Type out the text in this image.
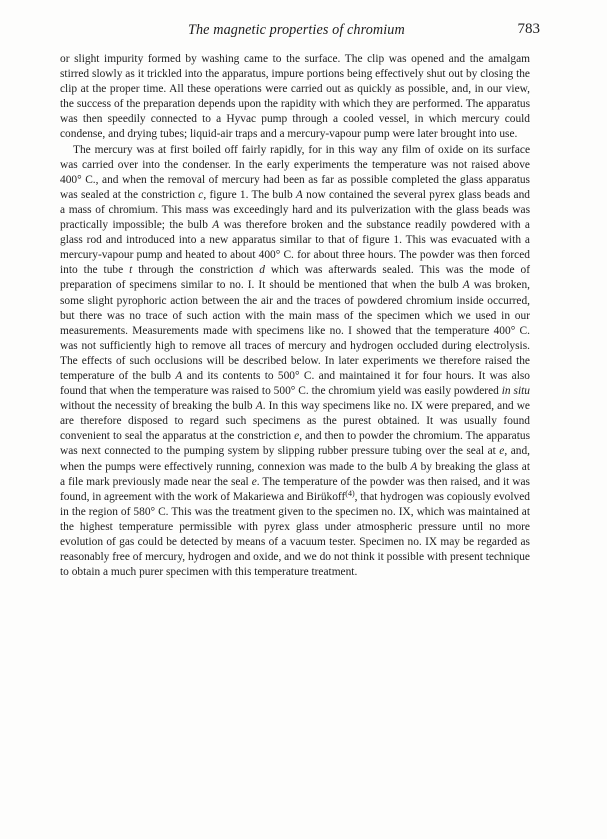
The magnetic properties of chromium	783

or slight impurity formed by washing came to the surface. The clip was opened and the amalgam stirred slowly as it trickled into the apparatus, impure portions being effectively shut out by closing the clip at the proper time. All these operations were carried out as quickly as possible, and, in our view, the success of the preparation depends upon the rapidity with which they are performed. The apparatus was then speedily connected to a Hyvac pump through a cooled vessel, in which mercury could condense, and drying tubes; liquid-air traps and a mercury-vapour pump were later brought into use.

The mercury was at first boiled off fairly rapidly, for in this way any film of oxide on its surface was carried over into the condenser. In the early experiments the temperature was not raised above 400° C., and when the removal of mercury had been as far as possible completed the glass apparatus was sealed at the constriction c, figure 1. The bulb A now contained the several pyrex glass beads and a mass of chromium. This mass was exceedingly hard and its pulverization with the glass beads was practically impossible; the bulb A was therefore broken and the substance readily powdered with a glass rod and introduced into a new apparatus similar to that of figure 1. This was evacuated with a mercury-vapour pump and heated to about 400° C. for about three hours. The powder was then forced into the tube t through the constriction d which was afterwards sealed. This was the mode of preparation of specimens similar to no. I. It should be mentioned that when the bulb A was broken, some slight pyrophoric action between the air and the traces of powdered chromium inside occurred, but there was no trace of such action with the main mass of the specimen which we used in our measurements. Measurements made with specimens like no. I showed that the temperature 400° C. was not sufficiently high to remove all traces of mercury and hydrogen occluded during electrolysis. The effects of such occlusions will be described below. In later experiments we therefore raised the temperature of the bulb A and its contents to 500° C. and maintained it for four hours. It was also found that when the temperature was raised to 500° C. the chromium yield was easily powdered in situ without the necessity of breaking the bulb A. In this way specimens like no. IX were prepared, and we are therefore disposed to regard such specimens as the purest obtained. It was usually found convenient to seal the apparatus at the constriction e, and then to powder the chromium. The apparatus was next connected to the pumping system by slipping rubber pressure tubing over the seal at e, and, when the pumps were effectively running, connexion was made to the bulb A by breaking the glass at a file mark previously made near the seal e. The temperature of the powder was then raised, and it was found, in agreement with the work of Makariewa and Birükoff$^{(4)}$, that hydrogen was copiously evolved in the region of 580° C. This was the treatment given to the specimen no. IX, which was maintained at the highest temperature permissible with pyrex glass under atmospheric pressure until no more evolution of gas could be detected by means of a vacuum tester. Specimen no. IX may be regarded as reasonably free of mercury, hydrogen and oxide, and we do not think it possible with present technique to obtain a much purer specimen with this temperature treatment.
